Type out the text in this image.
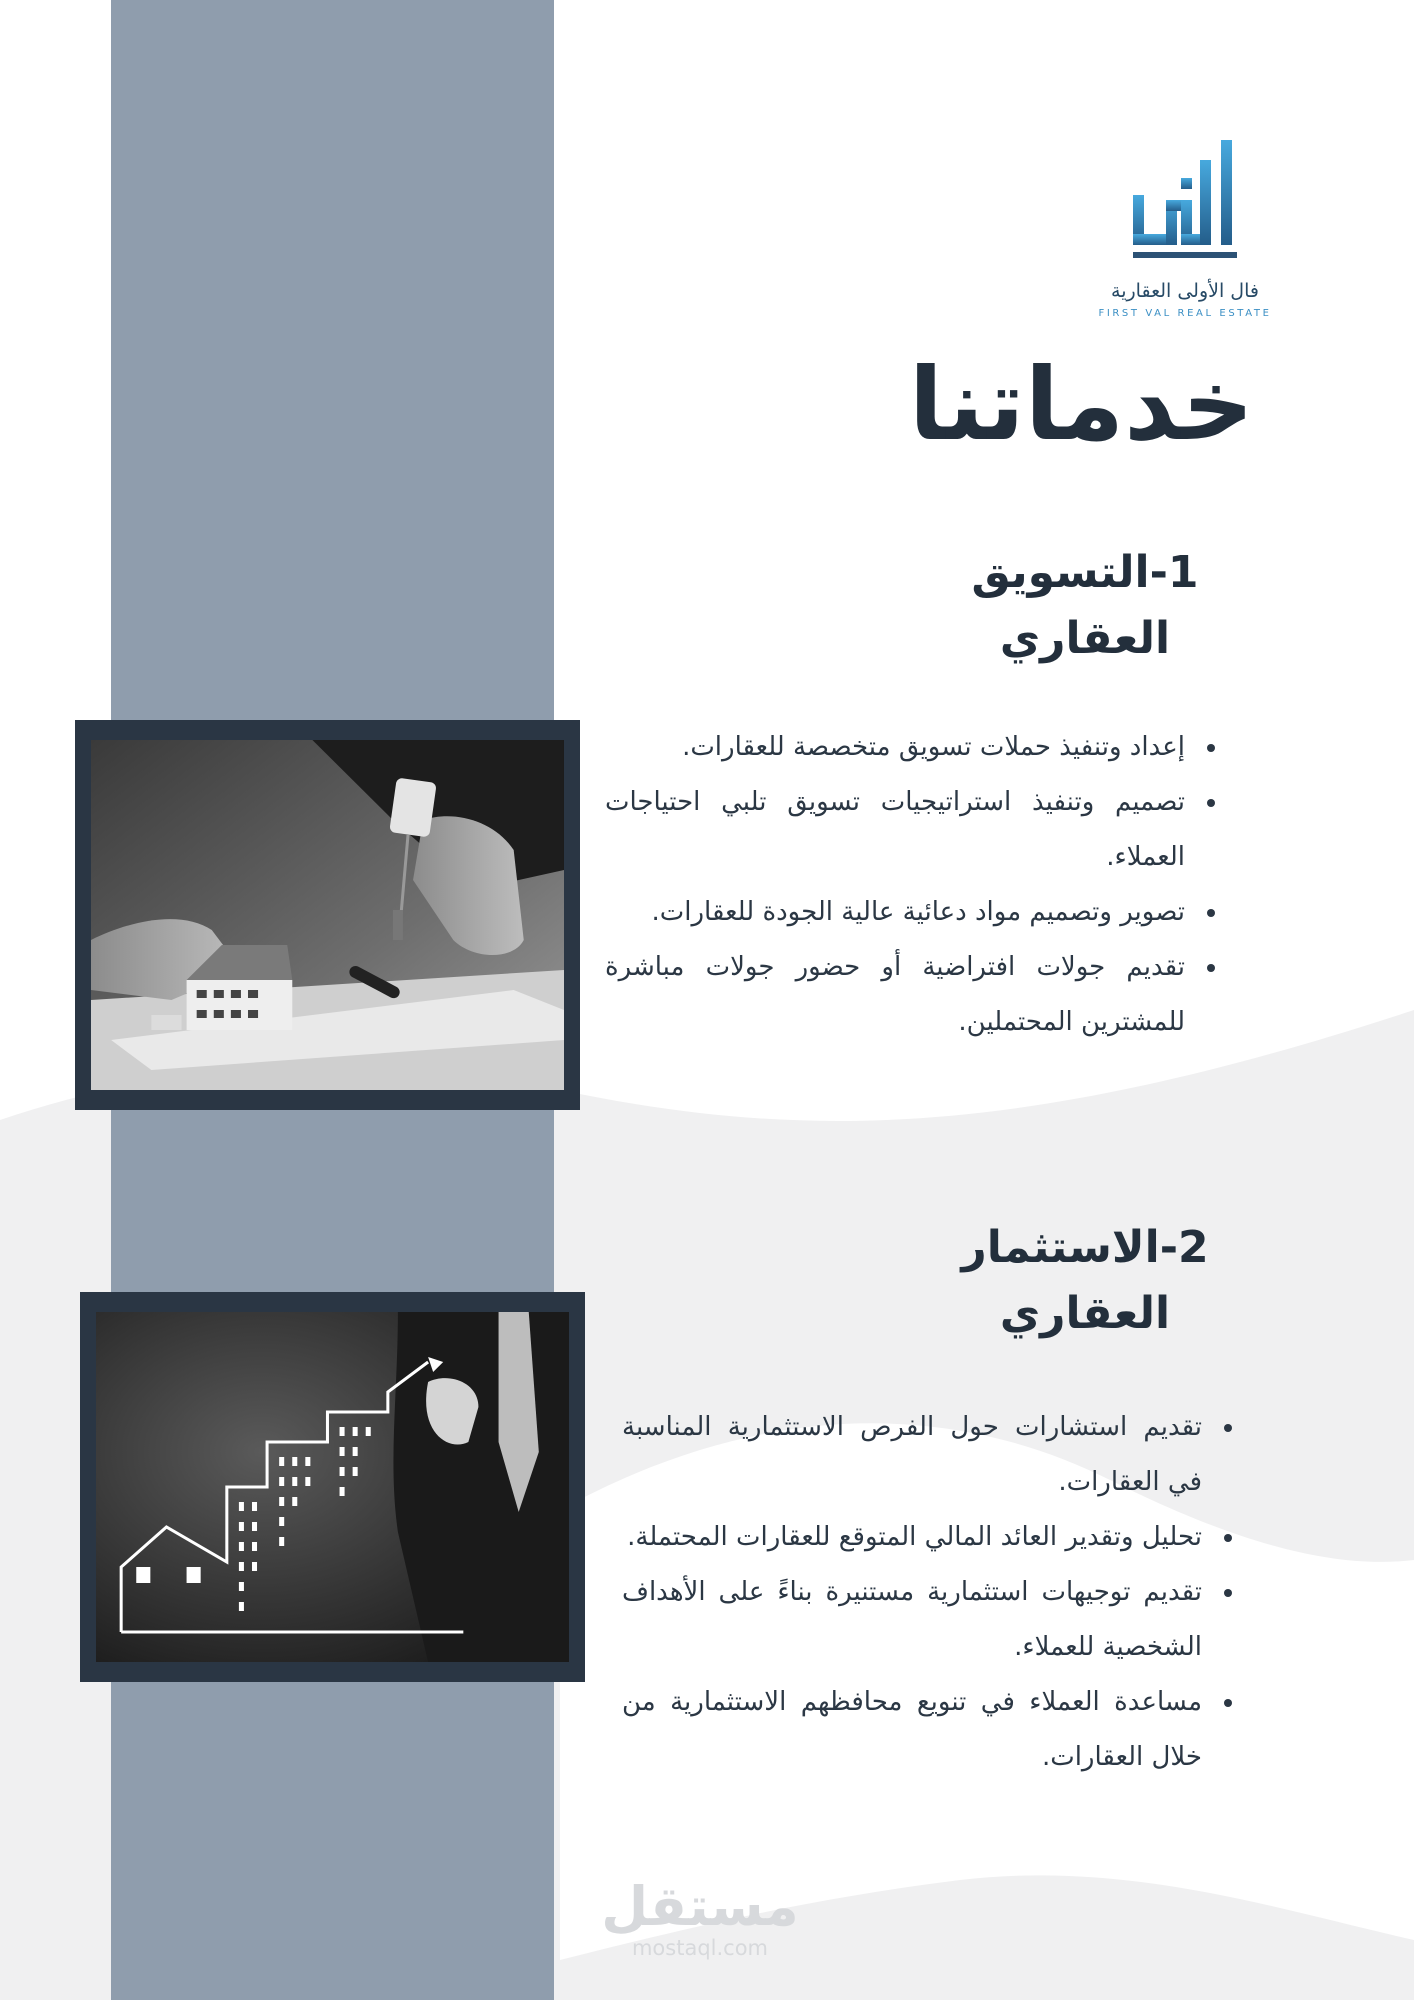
فال الأولى العقارية
FIRST VAL REAL ESTATE
خدماتنا
1-التسويق
العقاري
إعداد وتنفيذ حملات تسويق متخصصة للعقارات.
تصميم وتنفيذ استراتيجيات تسويق تلبي احتياجات العملاء.
تصوير وتصميم مواد دعائية عالية الجودة للعقارات.
تقديم جولات افتراضية أو حضور جولات مباشرة للمشترين المحتملين.
2-الاستثمار
العقاري
تقديم استشارات حول الفرص الاستثمارية المناسبة في العقارات.
تحليل وتقدير العائد المالي المتوقع للعقارات المحتملة.
تقديم توجيهات استثمارية مستنيرة بناءً على الأهداف الشخصية للعملاء.
مساعدة العملاء في تنويع محافظهم الاستثمارية من خلال العقارات.
مستقل
mostaql.com
